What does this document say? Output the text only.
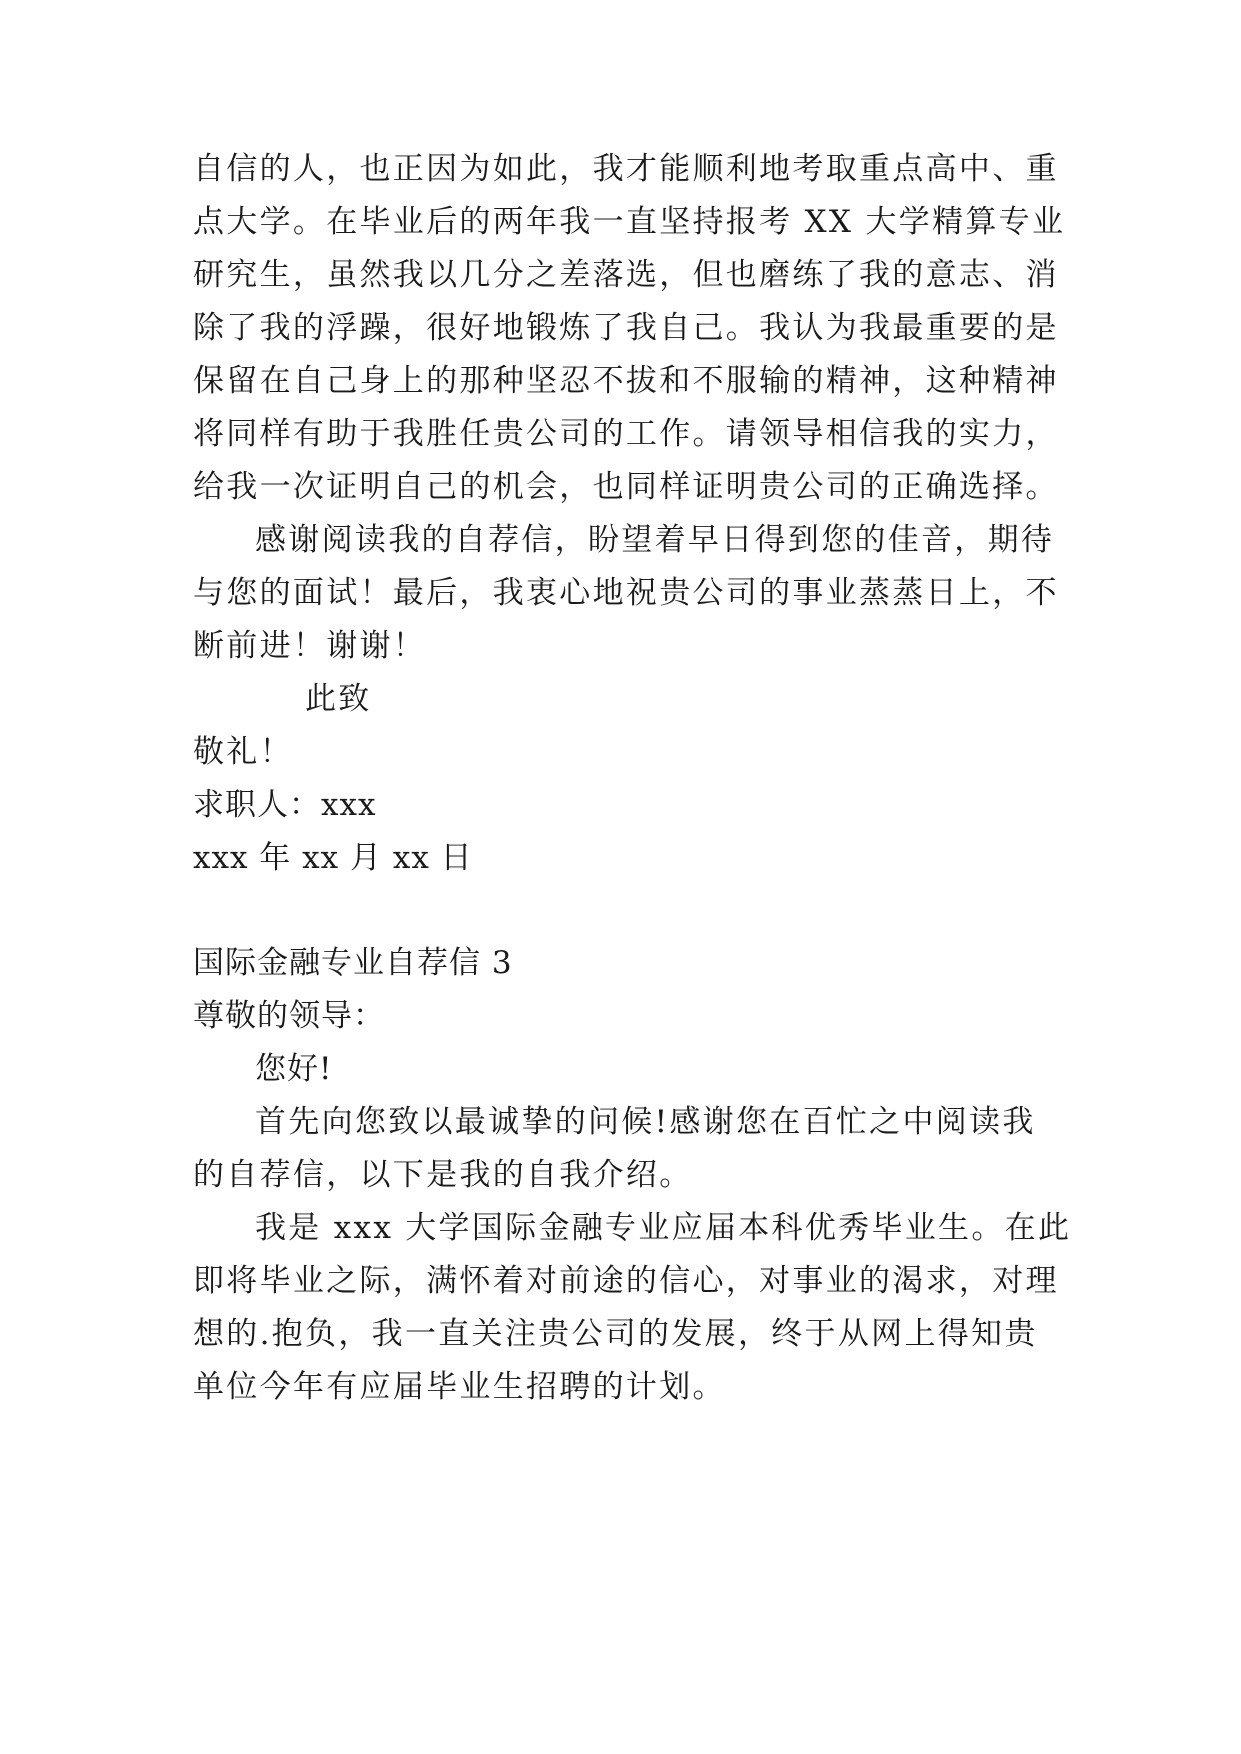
自信的人，也正因为如此，我才能顺利地考取重点高中、重
点大学。在毕业后的两年我一直坚持报考 XX 大学精算专业
研究生，虽然我以几分之差落选，但也磨练了我的意志、消
除了我的浮躁，很好地锻炼了我自己。我认为我最重要的是
保留在自己身上的那种坚忍不拔和不服输的精神，这种精神
将同样有助于我胜任贵公司的工作。请领导相信我的实力，
给我一次证明自己的机会，也同样证明贵公司的正确选择。
感谢阅读我的自荐信，盼望着早日得到您的佳音，期待
与您的面试！最后，我衷心地祝贵公司的事业蒸蒸日上，不
断前进！谢谢！
此致
敬礼！
求职人：xxx
xxx 年 xx 月 xx 日
国际金融专业自荐信 3
尊敬的领导：
您好!
首先向您致以最诚挚的问候!感谢您在百忙之中阅读我
的自荐信，以下是我的自我介绍。
我是 xxx 大学国际金融专业应届本科优秀毕业生。在此
即将毕业之际，满怀着对前途的信心，对事业的渴求，对理
想的.抱负，我一直关注贵公司的发展，终于从网上得知贵
单位今年有应届毕业生招聘的计划。
